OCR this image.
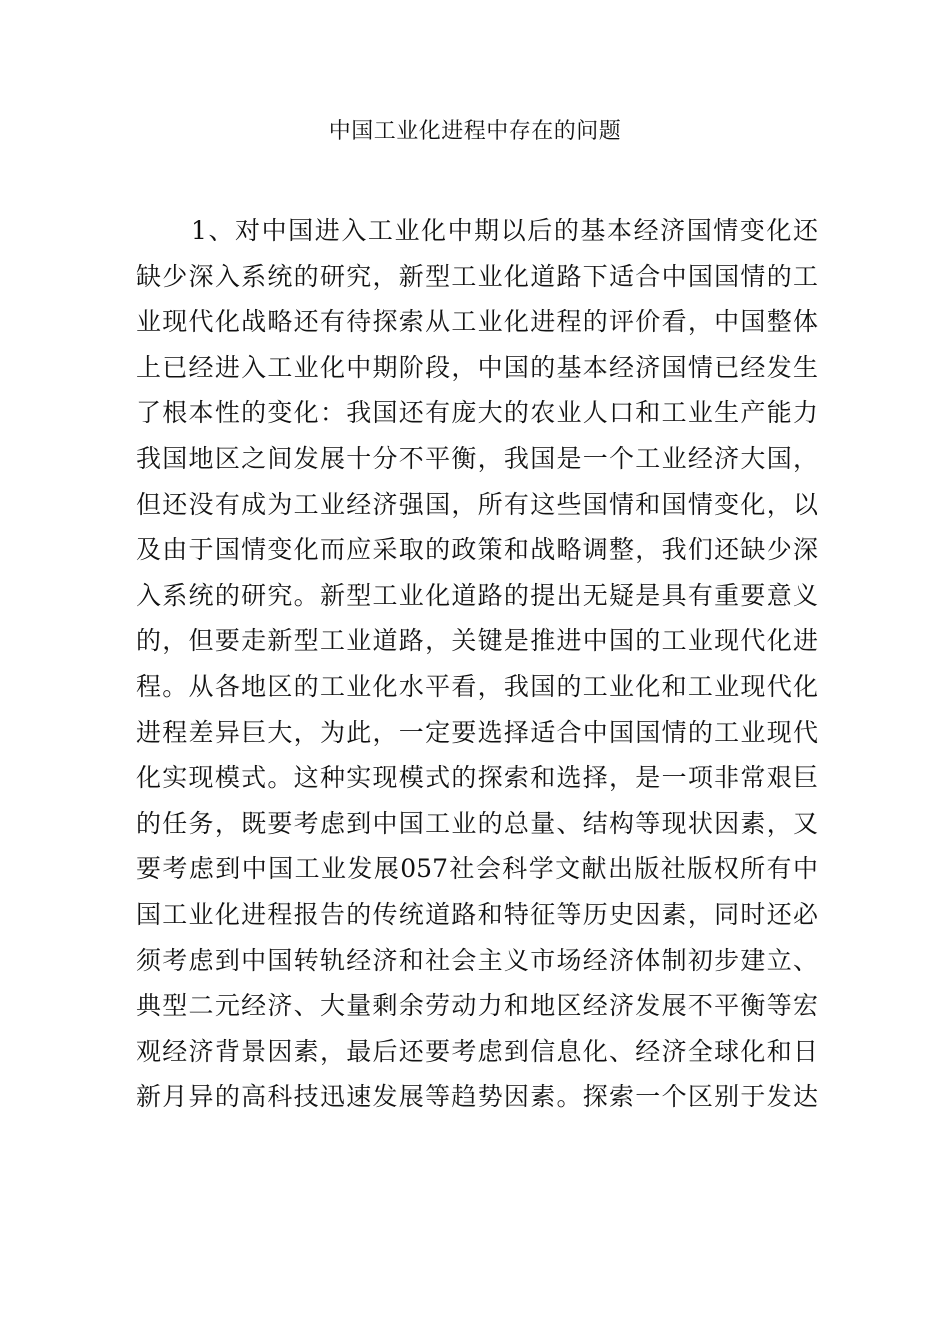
中国工业化进程中存在的问题
1、对中国进入工业化中期以后的基本经济国情变化还
缺少深入系统的研究，新型工业化道路下适合中国国情的工
业现代化战略还有待探索从工业化进程的评价看，中国整体
上已经进入工业化中期阶段，中国的基本经济国情已经发生
了根本性的变化：我国还有庞大的农业人口和工业生产能力
我国地区之间发展十分不平衡，我国是一个工业经济大国，
但还没有成为工业经济强国，所有这些国情和国情变化，以
及由于国情变化而应采取的政策和战略调整，我们还缺少深
入系统的研究。新型工业化道路的提出无疑是具有重要意义
的，但要走新型工业道路，关键是推进中国的工业现代化进
程。从各地区的工业化水平看，我国的工业化和工业现代化
进程差异巨大，为此，一定要选择适合中国国情的工业现代
化实现模式。这种实现模式的探索和选择，是一项非常艰巨
的任务，既要考虑到中国工业的总量、结构等现状因素，又
要考虑到中国工业发展057社会科学文献出版社版权所有中
国工业化进程报告的传统道路和特征等历史因素，同时还必
须考虑到中国转轨经济和社会主义市场经济体制初步建立、
典型二元经济、大量剩余劳动力和地区经济发展不平衡等宏
观经济背景因素，最后还要考虑到信息化、经济全球化和日
新月异的高科技迅速发展等趋势因素。探索一个区别于发达
